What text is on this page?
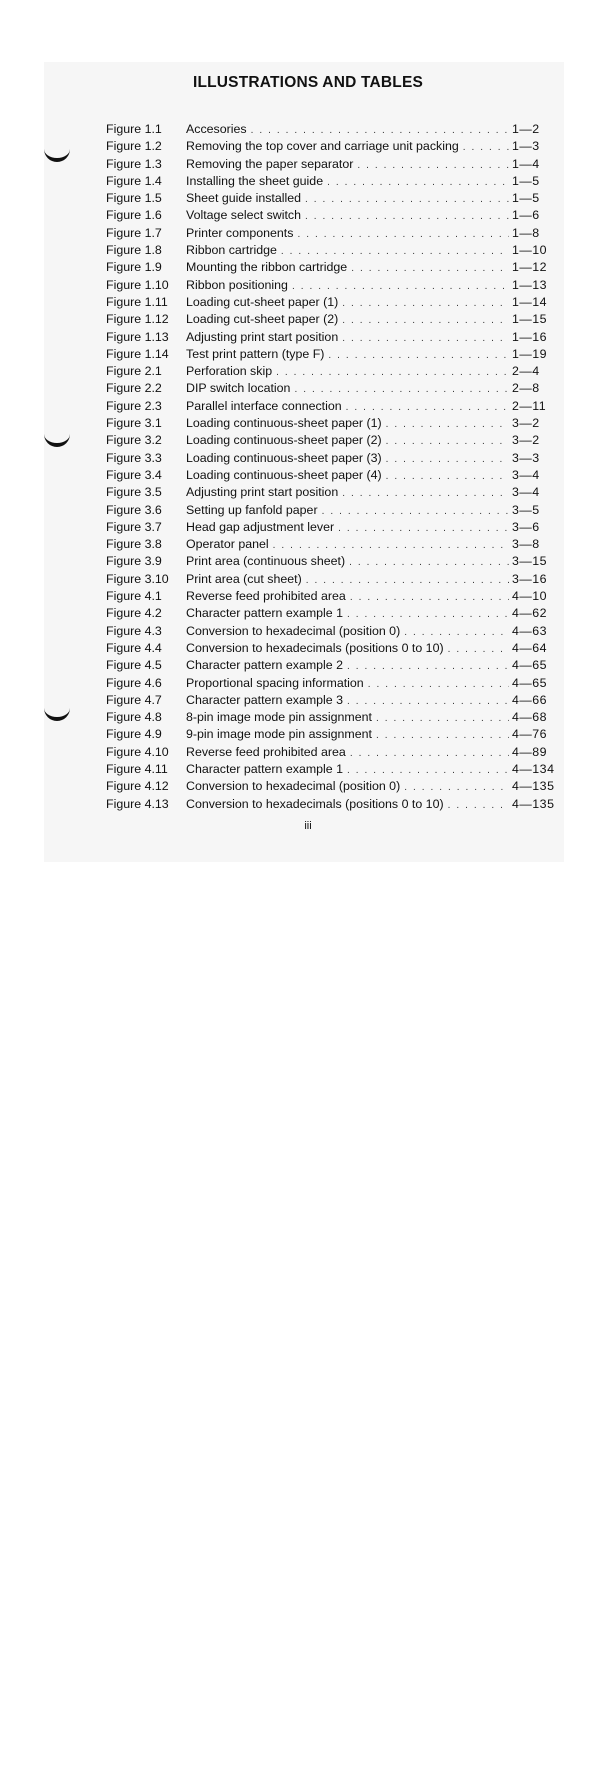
ILLUSTRATIONS AND TABLES
Figure 1.1	Accesories . . .	1—2
Figure 1.2	Removing the top cover and carriage unit packing . . .	1—3
Figure 1.3	Removing the paper separator . . .	1—4
Figure 1.4	Installing the sheet guide . . .	1—5
Figure 1.5	Sheet guide installed . . .	1—5
Figure 1.6	Voltage select switch . . .	1—6
Figure 1.7	Printer components . . .	1—8
Figure 1.8	Ribbon cartridge . . .	1—10
Figure 1.9	Mounting the ribbon cartridge . . .	1—12
Figure 1.10	Ribbon positioning . . .	1—13
Figure 1.11	Loading cut-sheet paper (1) . . .	1—14
Figure 1.12	Loading cut-sheet paper (2) . . .	1—15
Figure 1.13	Adjusting print start position . . .	1—16
Figure 1.14	Test print pattern (type F) . . .	1—19
Figure 2.1	Perforation skip . . .	2—4
Figure 2.2	DIP switch location . . .	2—8
Figure 2.3	Parallel interface connection . . .	2—11
Figure 3.1	Loading continuous-sheet paper (1) . . .	3—2
Figure 3.2	Loading continuous-sheet paper (2) . . .	3—2
Figure 3.3	Loading continuous-sheet paper (3) . . .	3—3
Figure 3.4	Loading continuous-sheet paper (4) . . .	3—4
Figure 3.5	Adjusting print start position . . .	3—4
Figure 3.6	Setting up fanfold paper . . .	3—5
Figure 3.7	Head gap adjustment lever . . .	3—6
Figure 3.8	Operator panel . . .	3—8
Figure 3.9	Print area (continuous sheet) . . .	3—15
Figure 3.10	Print area (cut sheet) . . .	3—16
Figure 4.1	Reverse feed prohibited area . . .	4—10
Figure 4.2	Character pattern example 1 . . .	4—62
Figure 4.3	Conversion to hexadecimal (position 0) . . .	4—63
Figure 4.4	Conversion to hexadecimals (positions 0 to 10) . . .	4—64
Figure 4.5	Character pattern example 2 . . .	4—65
Figure 4.6	Proportional spacing information . . .	4—65
Figure 4.7	Character pattern example 3 . . .	4—66
Figure 4.8	8-pin image mode pin assignment . . .	4—68
Figure 4.9	9-pin image mode pin assignment . . .	4—76
Figure 4.10	Reverse feed prohibited area . . .	4—89
Figure 4.11	Character pattern example 1 . . .	4—134
Figure 4.12	Conversion to hexadecimal (position 0) . . .	4—135
Figure 4.13	Conversion to hexadecimals (positions 0 to 10) . . .	4—135
iii
